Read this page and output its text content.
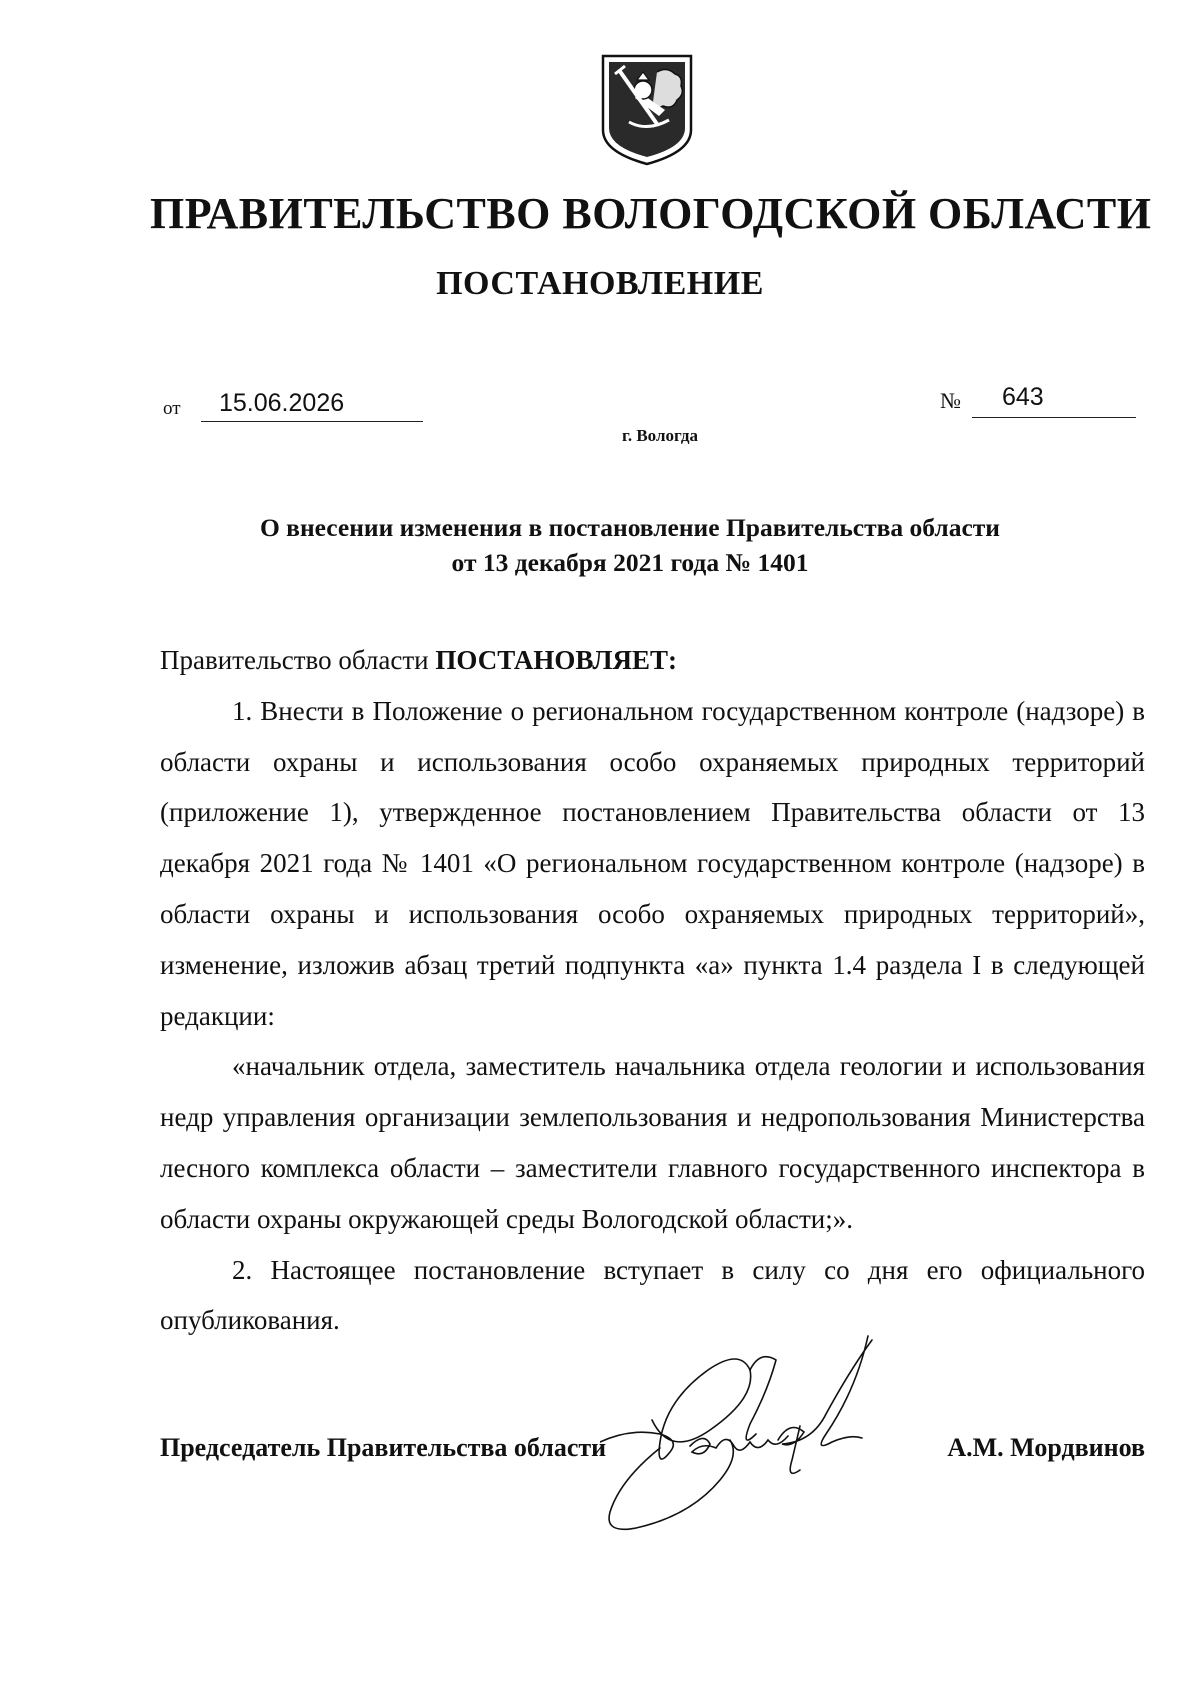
ПРАВИТЕЛЬСТВО ВОЛОГОДСКОЙ ОБЛАСТИ
ПОСТАНОВЛЕНИЕ
от 15.06.2026	№ 643
г. Вологда
О внесении изменения в постановление Правительства области
от 13 декабря 2021 года № 1401

Правительство области ПОСТАНОВЛЯЕТ:

1. Внести в Положение о региональном государственном контроле (надзоре) в области охраны и использования особо охраняемых природных территорий (приложение 1), утвержденное постановлением Правительства области от 13 декабря 2021 года № 1401 «О региональном государственном контроле (надзоре) в области охраны и использования особо охраняемых природных территорий», изменение, изложив абзац третий подпункта «а» пункта 1.4 раздела I в следующей редакции:

«начальник отдела, заместитель начальника отдела геологии и использования недр управления организации землепользования и недропользования Министерства лесного комплекса области – заместители главного государственного инспектора в области охраны окружающей среды Вологодской области;».

2. Настоящее постановление вступает в силу со дня его официального опубликования.

Председатель Правительства области	А.М. Мордвинов
